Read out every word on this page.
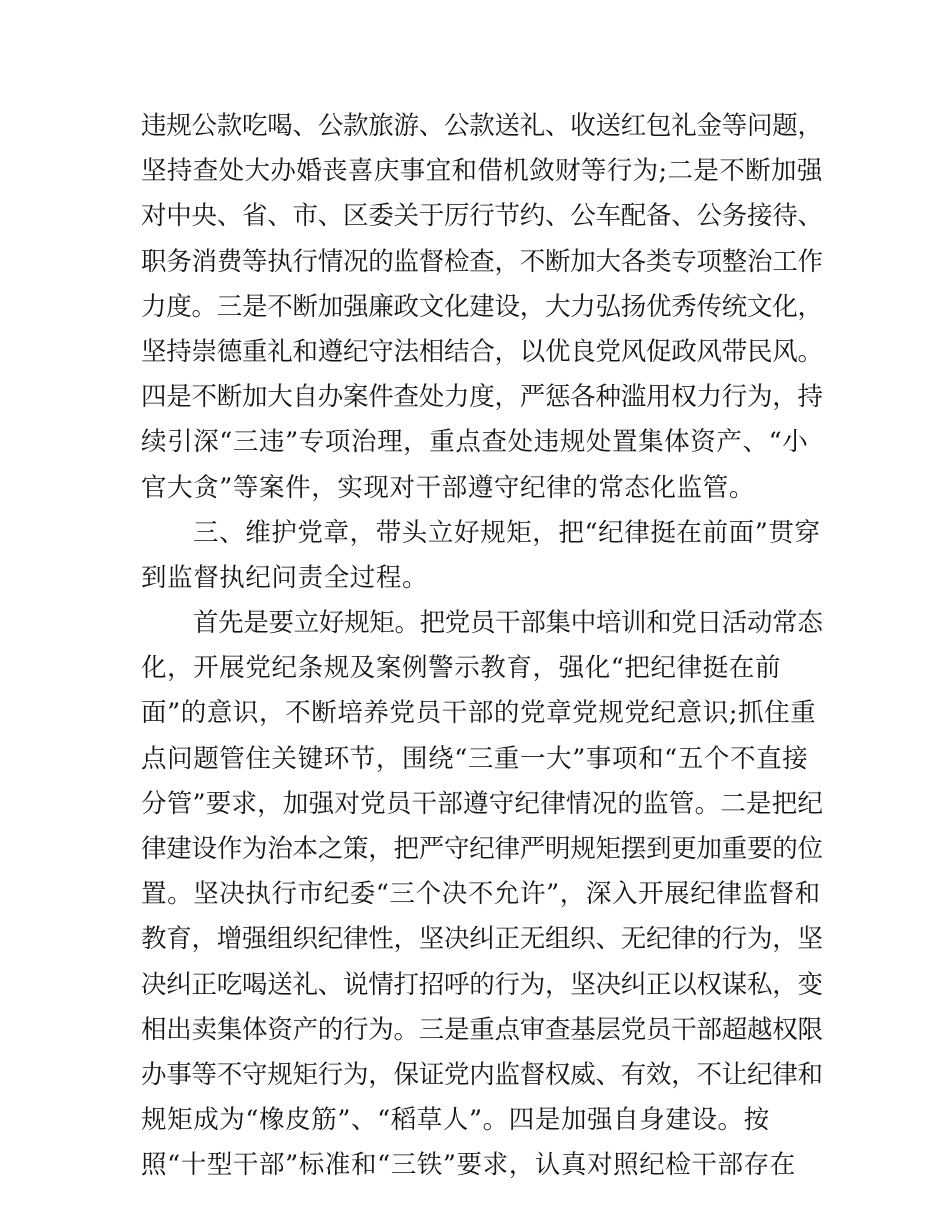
违规公款吃喝、公款旅游、公款送礼、收送红包礼金等问题，
坚持查处大办婚丧喜庆事宜和借机敛财等行为;二是不断加强
对中央、省、市、区委关于厉行节约、公车配备、公务接待、
职务消费等执行情况的监督检查，不断加大各类专项整治工作
力度。三是不断加强廉政文化建设，大力弘扬优秀传统文化，
坚持崇德重礼和遵纪守法相结合，以优良党风促政风带民风。
四是不断加大自办案件查处力度，严惩各种滥用权力行为，持
续引深“三违”专项治理，重点查处违规处置集体资产、“小
官大贪”等案件，实现对干部遵守纪律的常态化监管。
三、维护党章，带头立好规矩，把“纪律挺在前面”贯穿
到监督执纪问责全过程。
首先是要立好规矩。把党员干部集中培训和党日活动常态
化，开展党纪条规及案例警示教育，强化“把纪律挺在前
面”的意识，不断培养党员干部的党章党规党纪意识;抓住重
点问题管住关键环节，围绕“三重一大”事项和“五个不直接
分管”要求，加强对党员干部遵守纪律情况的监管。二是把纪
律建设作为治本之策，把严守纪律严明规矩摆到更加重要的位
置。坚决执行市纪委“三个决不允许”，深入开展纪律监督和
教育，增强组织纪律性，坚决纠正无组织、无纪律的行为，坚
决纠正吃喝送礼、说情打招呼的行为，坚决纠正以权谋私，变
相出卖集体资产的行为。三是重点审查基层党员干部超越权限
办事等不守规矩行为，保证党内监督权威、有效，不让纪律和
规矩成为“橡皮筋”、“稻草人”。四是加强自身建设。按
照“十型干部”标准和“三铁”要求，认真对照纪检干部存在
